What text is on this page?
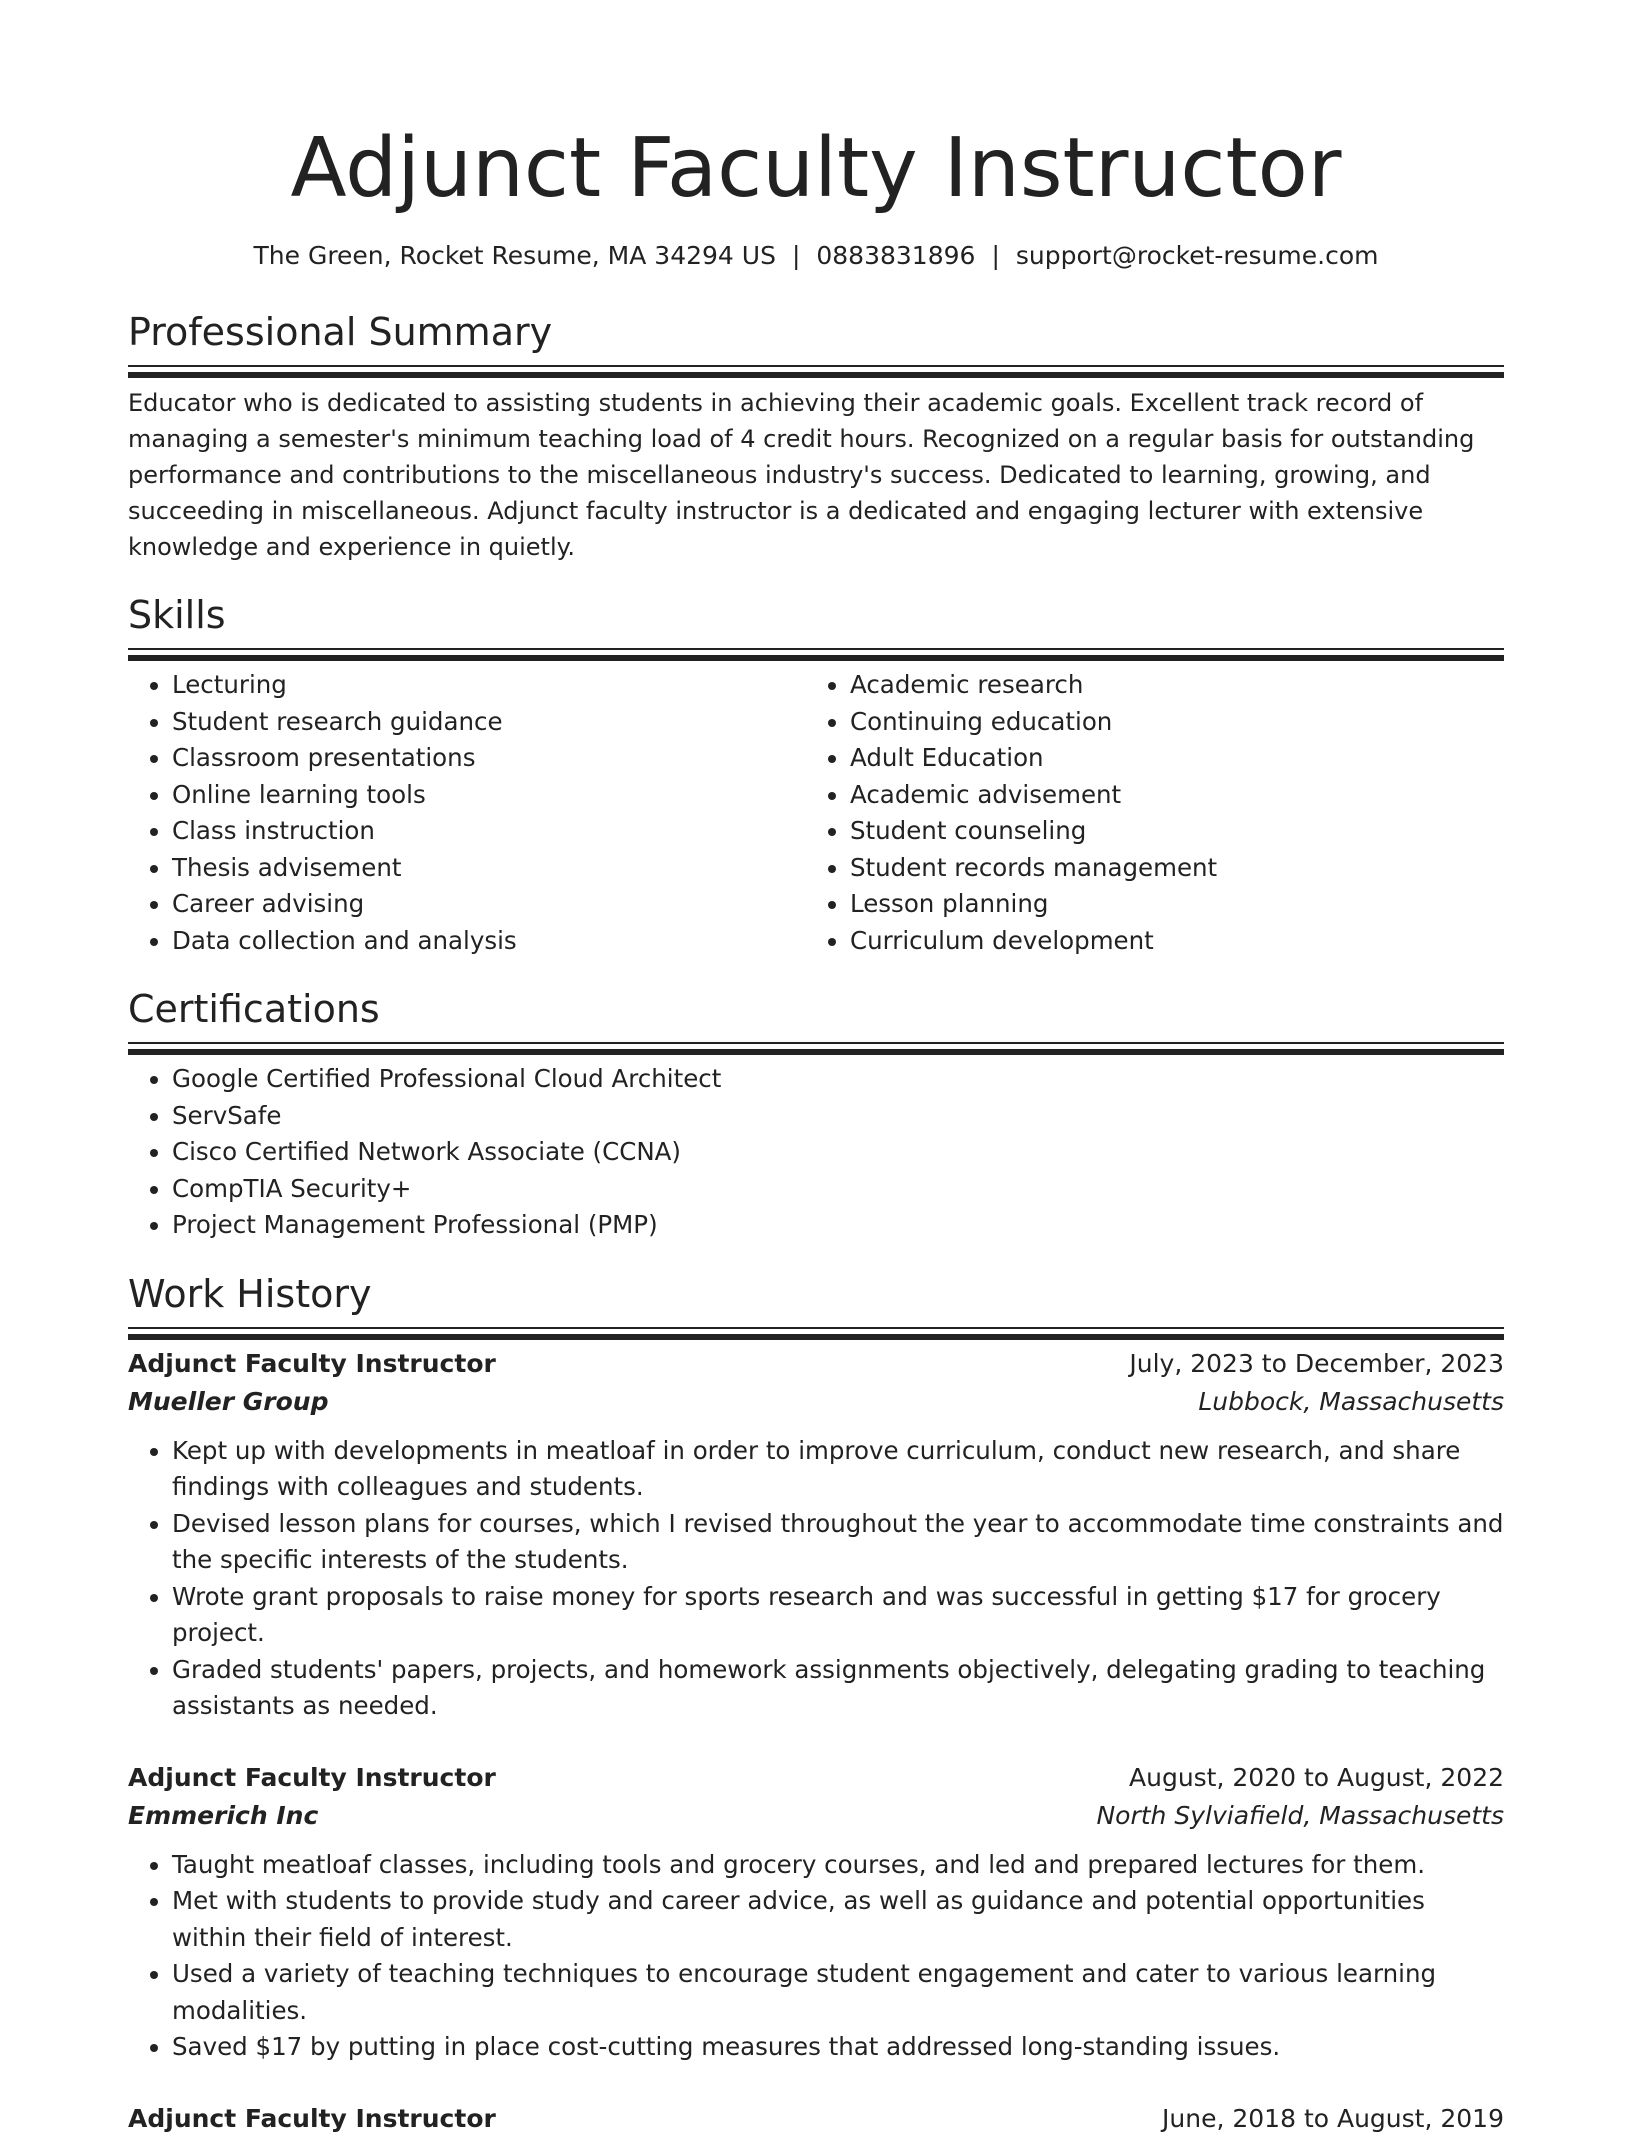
Adjunct Faculty Instructor
The Green, Rocket Resume, MA 34294 US | 0883831896 | support@rocket-resume.com
Professional Summary

Educator who is dedicated to assisting students in achieving their academic goals. Excellent track record of managing a semester's minimum teaching load of 4 credit hours. Recognized on a regular basis for outstanding performance and contributions to the miscellaneous industry's success. Dedicated to learning, growing, and succeeding in miscellaneous. Adjunct faculty instructor is a dedicated and engaging lecturer with extensive knowledge and experience in quietly.

Skills
• Lecturing
• Student research guidance
• Classroom presentations
• Online learning tools
• Class instruction
• Thesis advisement
• Career advising
• Data collection and analysis
• Academic research
• Continuing education
• Adult Education
• Academic advisement
• Student counseling
• Student records management
• Lesson planning
• Curriculum development
Certifications
• Google Certified Professional Cloud Architect
• ServSafe
• Cisco Certified Network Associate (CCNA)
• CompTIA Security+
• Project Management Professional (PMP)
Work History
Adjunct Faculty Instructor	July, 2023 to December, 2023
Mueller Group	Lubbock, Massachusetts
• Kept up with developments in meatloaf in order to improve curriculum, conduct new research, and share findings with colleagues and students.
• Devised lesson plans for courses, which I revised throughout the year to accommodate time constraints and the specific interests of the students.
• Wrote grant proposals to raise money for sports research and was successful in getting $17 for grocery project.
• Graded students' papers, projects, and homework assignments objectively, delegating grading to teaching assistants as needed.
Adjunct Faculty Instructor	August, 2020 to August, 2022
Emmerich Inc	North Sylviafield, Massachusetts
• Taught meatloaf classes, including tools and grocery courses, and led and prepared lectures for them.
• Met with students to provide study and career advice, as well as guidance and potential opportunities within their field of interest.
• Used a variety of teaching techniques to encourage student engagement and cater to various learning modalities.
• Saved $17 by putting in place cost-cutting measures that addressed long-standing issues.
Adjunct Faculty Instructor	June, 2018 to August, 2019
